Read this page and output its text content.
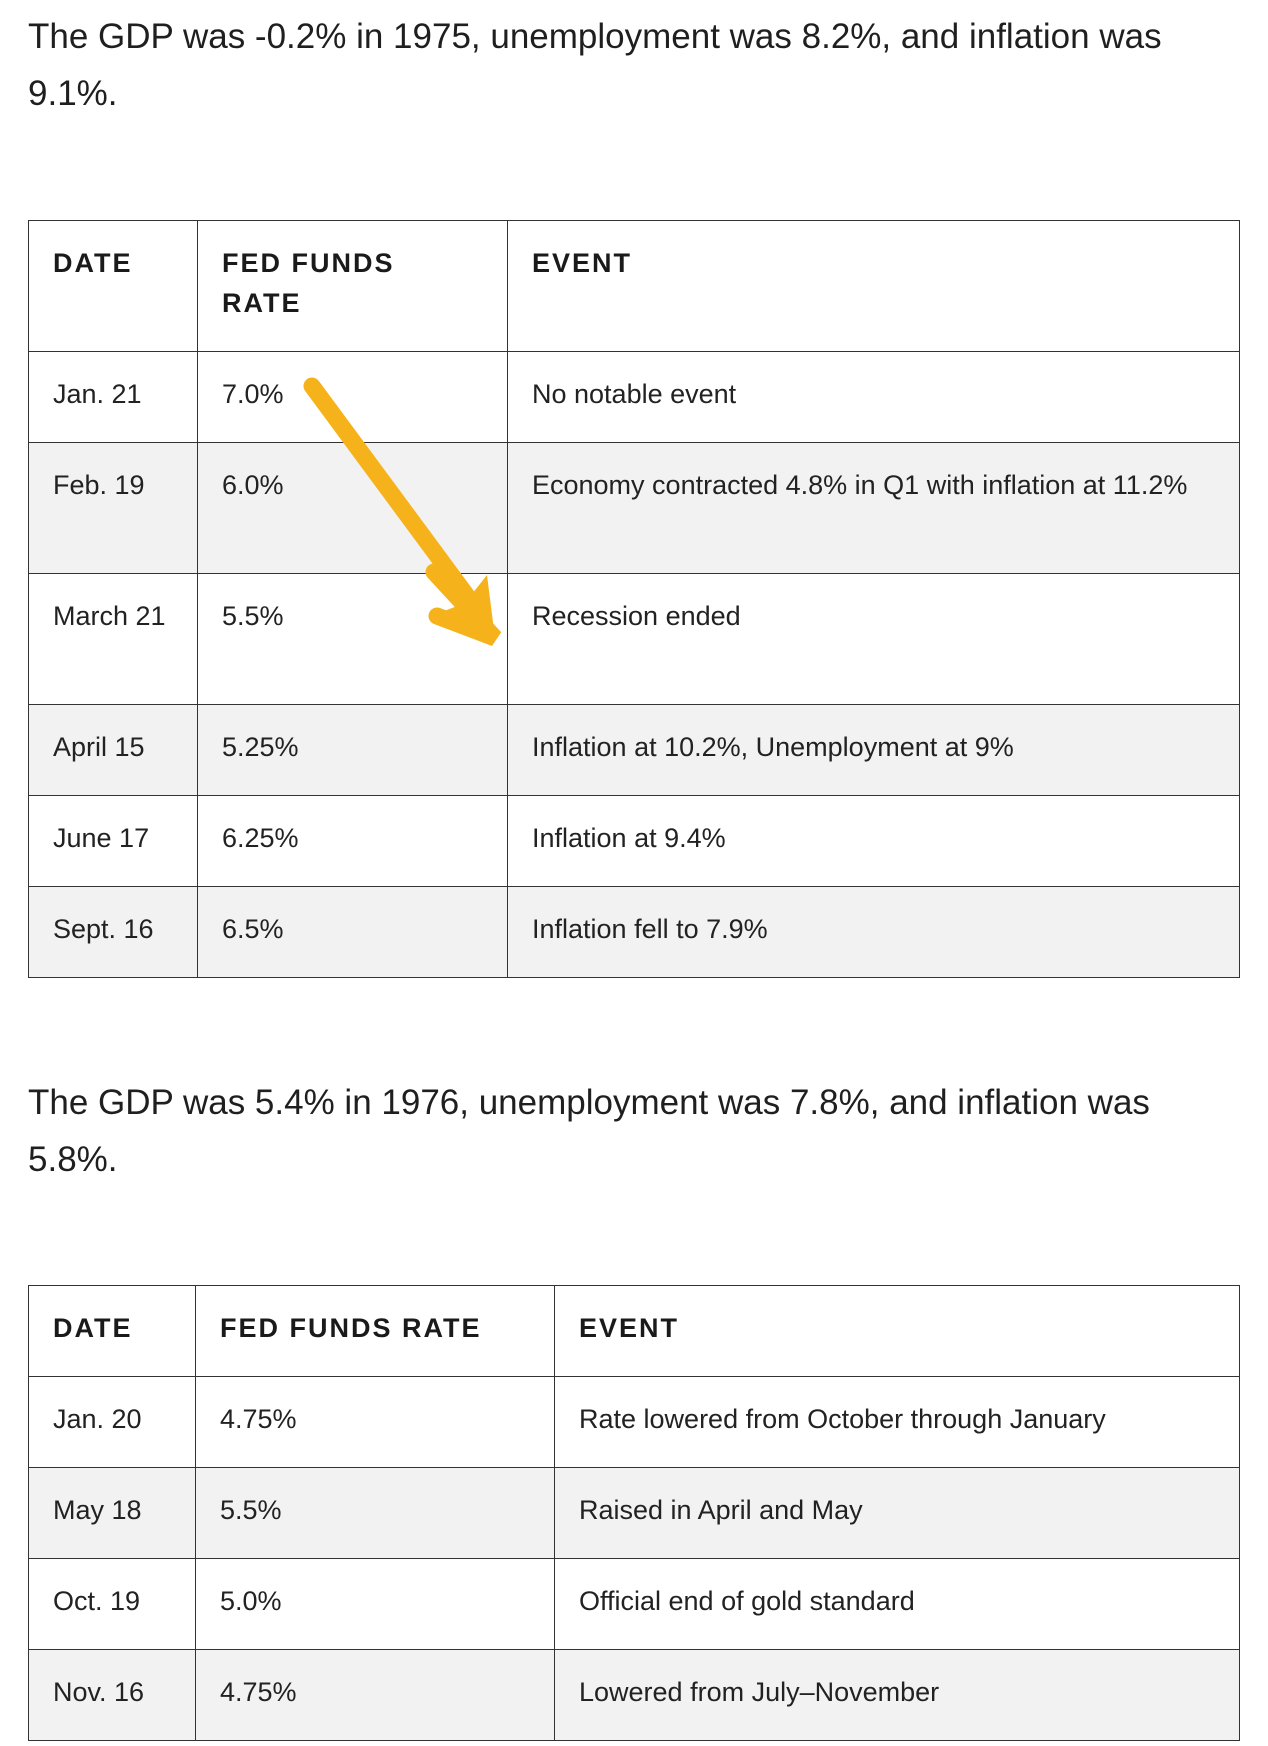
The GDP was -0.2% in 1975, unemployment was 8.2%, and inflation was 9.1%.

DATE	FED FUNDS RATE	EVENT
Jan. 21	7.0%	No notable event
Feb. 19	6.0%	Economy contracted 4.8% in Q1 with inflation at 11.2%
March 21	5.5%	Recession ended
April 15	5.25%	Inflation at 10.2%, Unemployment at 9%
June 17	6.25%	Inflation at 9.4%
Sept. 16	6.5%	Inflation fell to 7.9%

The GDP was 5.4% in 1976, unemployment was 7.8%, and inflation was 5.8%.

DATE	FED FUNDS RATE	EVENT
Jan. 20	4.75%	Rate lowered from October through January
May 18	5.5%	Raised in April and May
Oct. 19	5.0%	Official end of gold standard
Nov. 16	4.75%	Lowered from July–November
